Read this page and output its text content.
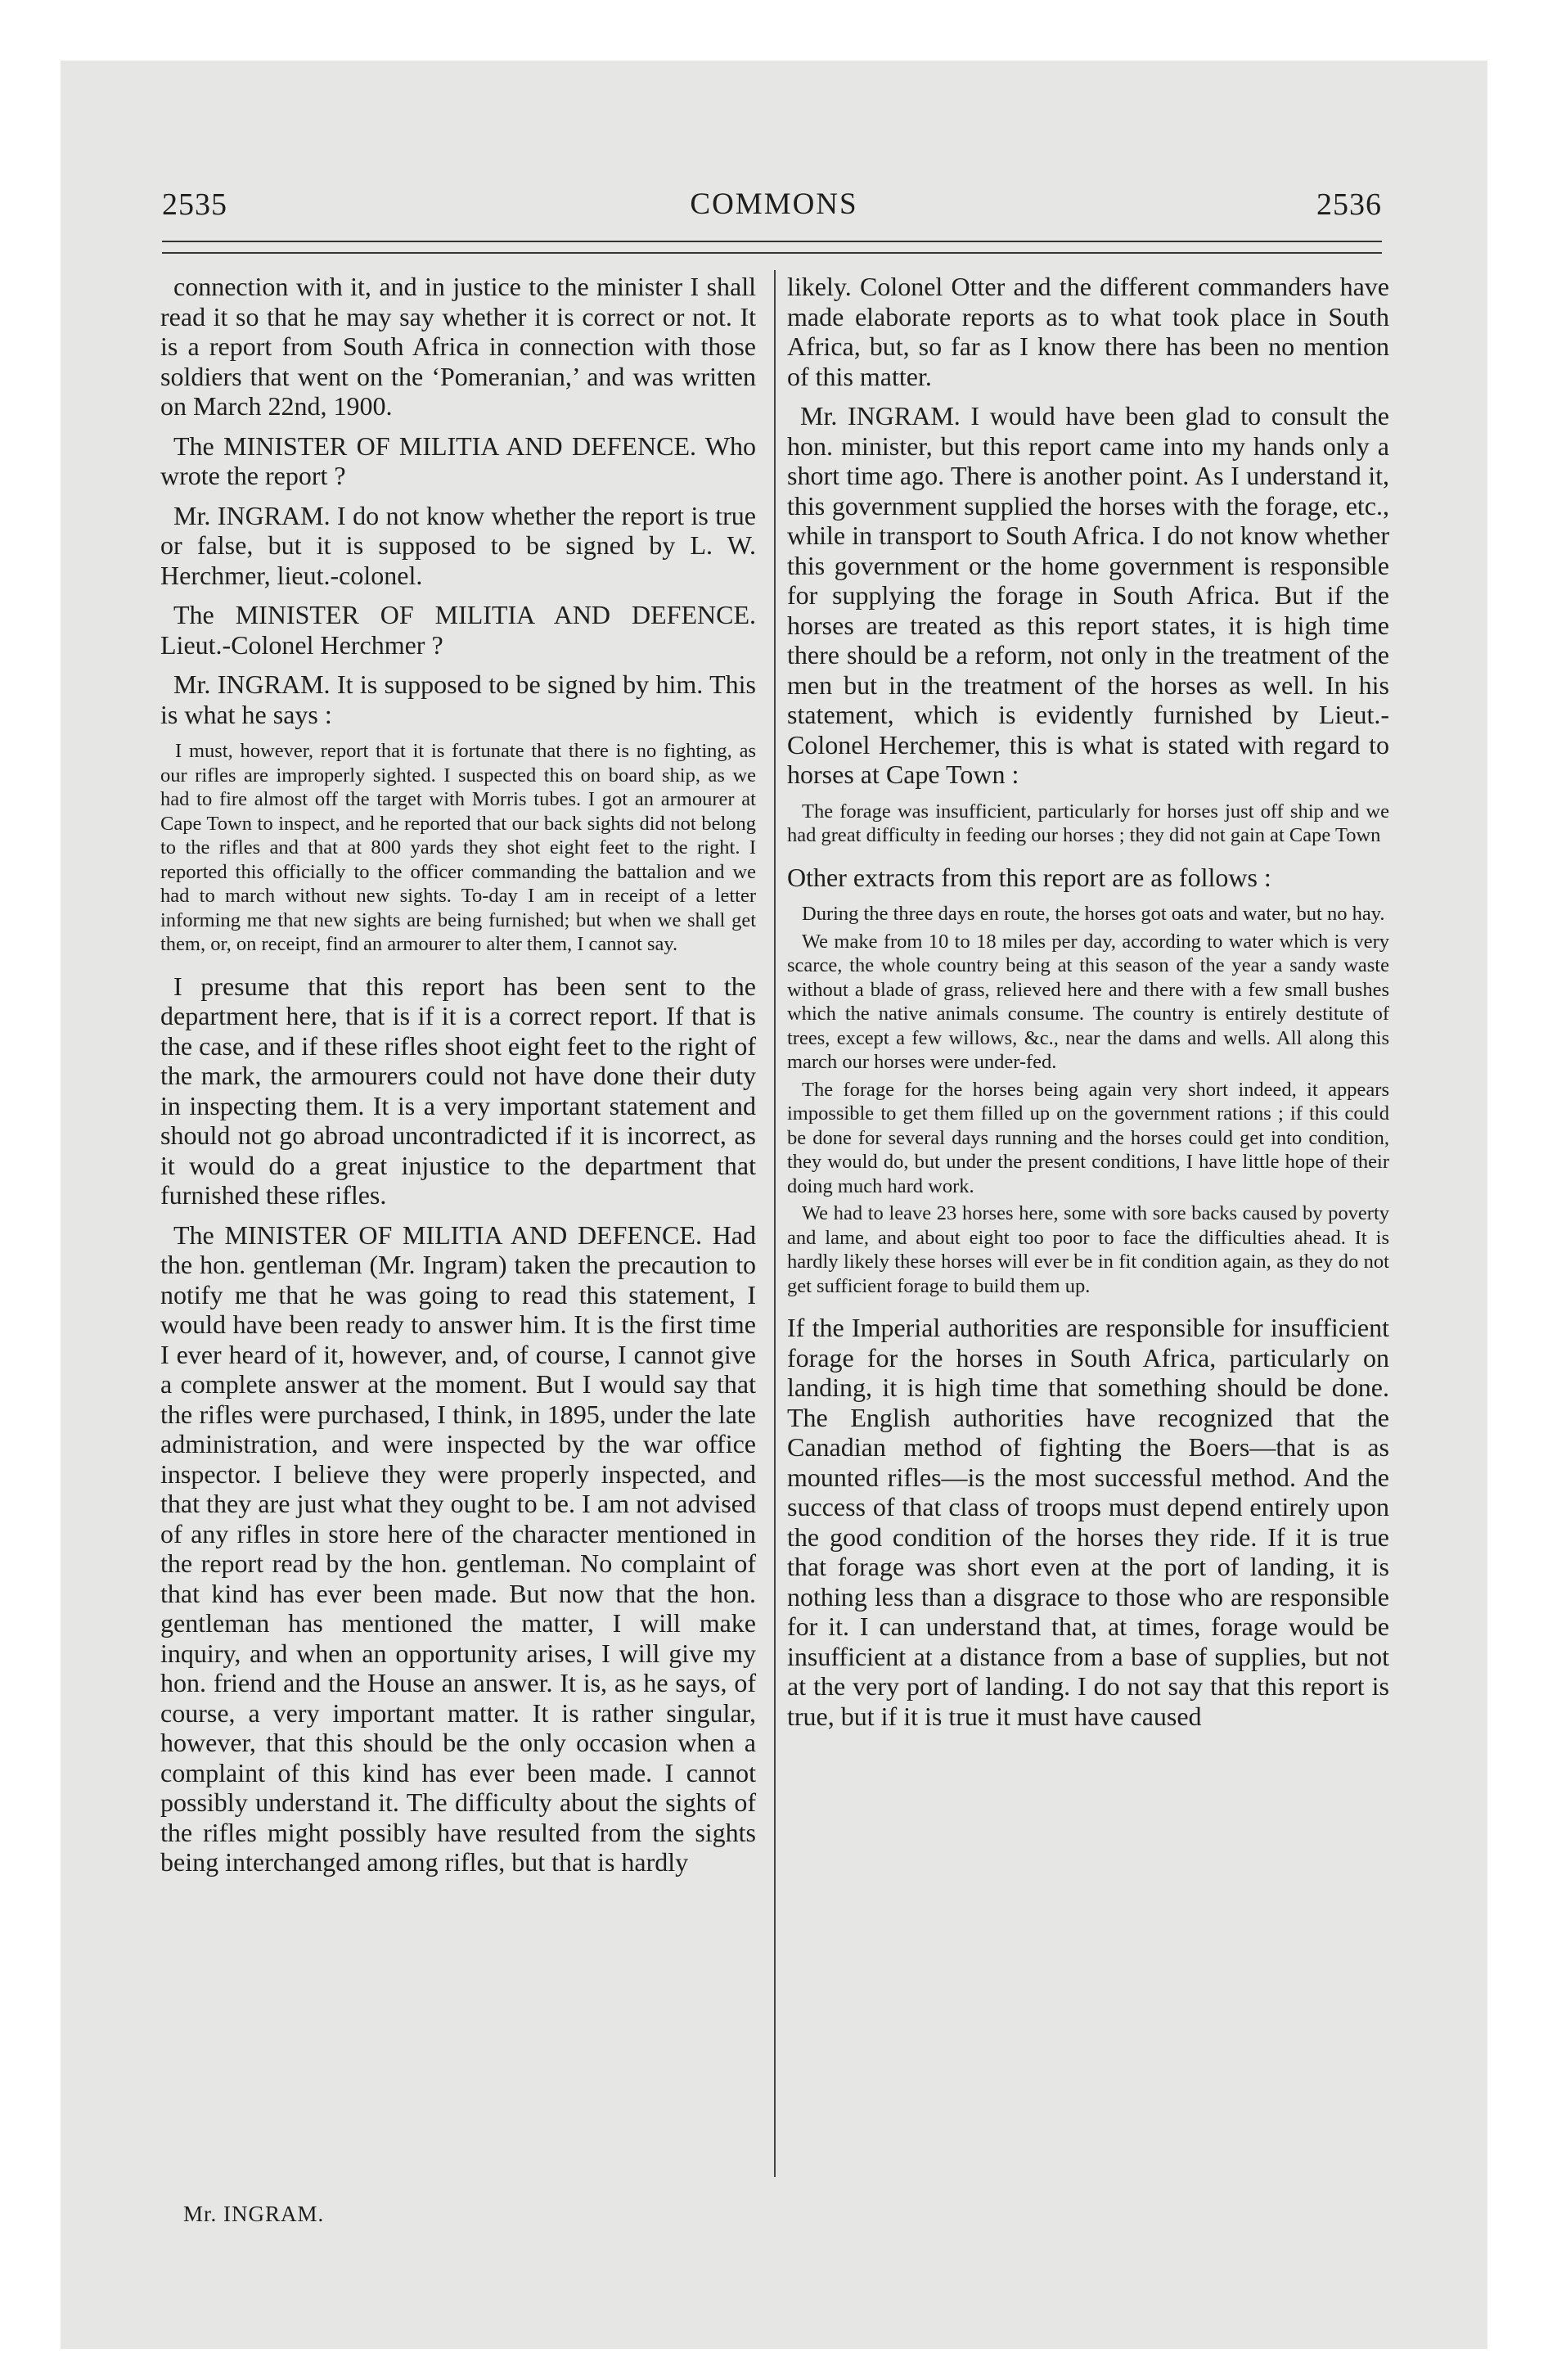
2535	COMMONS	2536

connection with it, and in justice to the minister I shall read it so that he may say whether it is correct or not. It is a report from South Africa in connection with those soldiers that went on the ‘Pomeranian,’ and was written on March 22nd, 1900.

The MINISTER OF MILITIA AND DEFENCE. Who wrote the report ?

Mr. INGRAM. I do not know whether the report is true or false, but it is supposed to be signed by L. W. Herchmer, lieut.-colonel.

The MINISTER OF MILITIA AND DEFENCE. Lieut.-Colonel Herchmer ?

Mr. INGRAM. It is supposed to be signed by him. This is what he says :

I must, however, report that it is fortunate that there is no fighting, as our rifles are improperly sighted. I suspected this on board ship, as we had to fire almost off the target with Morris tubes. I got an armourer at Cape Town to inspect, and he reported that our back sights did not belong to the rifles and that at 800 yards they shot eight feet to the right. I reported this officially to the officer commanding the battalion and we had to march without new sights. To-day I am in receipt of a letter informing me that new sights are being furnished; but when we shall get them, or, on receipt, find an armourer to alter them, I cannot say.

I presume that this report has been sent to the department here, that is if it is a correct report. If that is the case, and if these rifles shoot eight feet to the right of the mark, the armourers could not have done their duty in inspecting them. It is a very important statement and should not go abroad uncontradicted if it is incorrect, as it would do a great injustice to the department that furnished these rifles.

The MINISTER OF MILITIA AND DEFENCE. Had the hon. gentleman (Mr. Ingram) taken the precaution to notify me that he was going to read this statement, I would have been ready to answer him. It is the first time I ever heard of it, however, and, of course, I cannot give a complete answer at the moment. But I would say that the rifles were purchased, I think, in 1895, under the late administration, and were inspected by the war office inspector. I believe they were properly inspected, and that they are just what they ought to be. I am not advised of any rifles in store here of the character mentioned in the report read by the hon. gentleman. No complaint of that kind has ever been made. But now that the hon. gentleman has mentioned the matter, I will make inquiry, and when an opportunity arises, I will give my hon. friend and the House an answer. It is, as he says, of course, a very important matter. It is rather singular, however, that this should be the only occasion when a complaint of this kind has ever been made. I cannot possibly understand it. The difficulty about the sights of the rifles might possibly have resulted from the sights being interchanged among rifles, but that is hardly

likely. Colonel Otter and the different commanders have made elaborate reports as to what took place in South Africa, but, so far as I know there has been no mention of this matter.

Mr. INGRAM. I would have been glad to consult the hon. minister, but this report came into my hands only a short time ago. There is another point. As I understand it, this government supplied the horses with the forage, etc., while in transport to South Africa. I do not know whether this government or the home government is responsible for supplying the forage in South Africa. But if the horses are treated as this report states, it is high time there should be a reform, not only in the treatment of the men but in the treatment of the horses as well. In his statement, which is evidently furnished by Lieut.-Colonel Herchemer, this is what is stated with regard to horses at Cape Town :

The forage was insufficient, particularly for horses just off ship and we had great difficulty in feeding our horses ; they did not gain at Cape Town

Other extracts from this report are as follows :

During the three days en route, the horses got oats and water, but no hay.

We make from 10 to 18 miles per day, according to water which is very scarce, the whole country being at this season of the year a sandy waste without a blade of grass, relieved here and there with a few small bushes which the native animals consume. The country is entirely destitute of trees, except a few willows, &c., near the dams and wells. All along this march our horses were under-fed.

The forage for the horses being again very short indeed, it appears impossible to get them filled up on the government rations ; if this could be done for several days running and the horses could get into condition, they would do, but under the present conditions, I have little hope of their doing much hard work.

We had to leave 23 horses here, some with sore backs caused by poverty and lame, and about eight too poor to face the difficulties ahead. It is hardly likely these horses will ever be in fit condition again, as they do not get sufficient forage to build them up.

If the Imperial authorities are responsible for insufficient forage for the horses in South Africa, particularly on landing, it is high time that something should be done. The English authorities have recognized that the Canadian method of fighting the Boers—that is as mounted rifles—is the most successful method. And the success of that class of troops must depend entirely upon the good condition of the horses they ride. If it is true that forage was short even at the port of landing, it is nothing less than a disgrace to those who are responsible for it. I can understand that, at times, forage would be insufficient at a distance from a base of supplies, but not at the very port of landing. I do not say that this report is true, but if it is true it must have caused

Mr. INGRAM.
